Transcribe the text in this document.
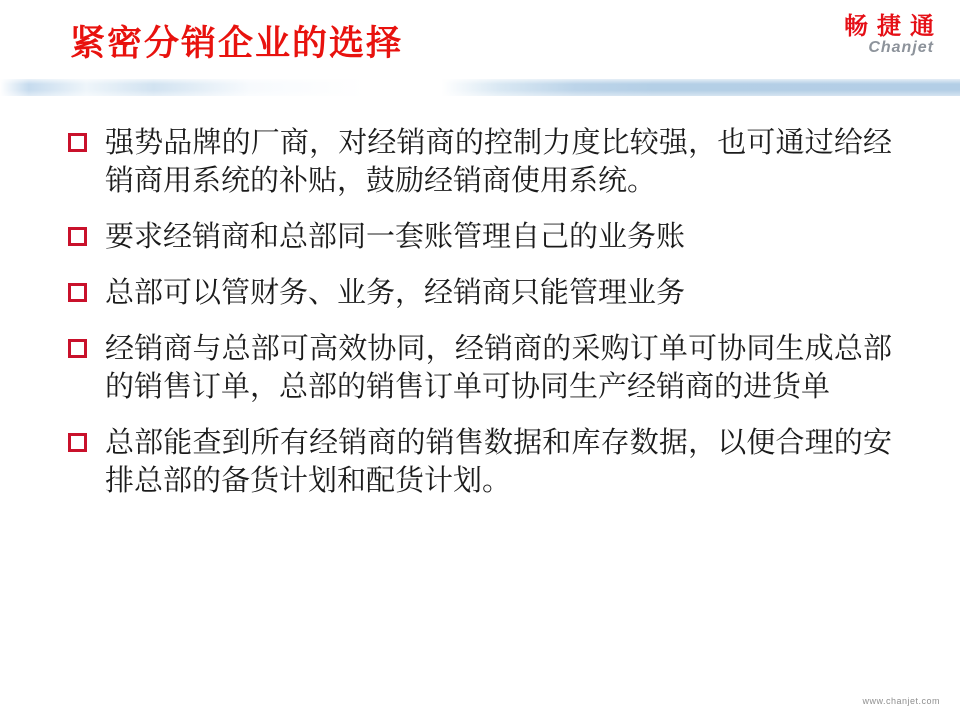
紧密分销企业的选择	畅捷通
Chanjet
强势品牌的厂商，对经销商的控制力度比较强，也可通过给经销商用系统的补贴，鼓励经销商使用系统。
要求经销商和总部同一套账管理自己的业务账
总部可以管财务、业务，经销商只能管理业务
经销商与总部可高效协同，经销商的采购订单可协同生成总部的销售订单，总部的销售订单可协同生产经销商的进货单
总部能查到所有经销商的销售数据和库存数据，以便合理的安排总部的备货计划和配货计划。
www.chanjet.com
